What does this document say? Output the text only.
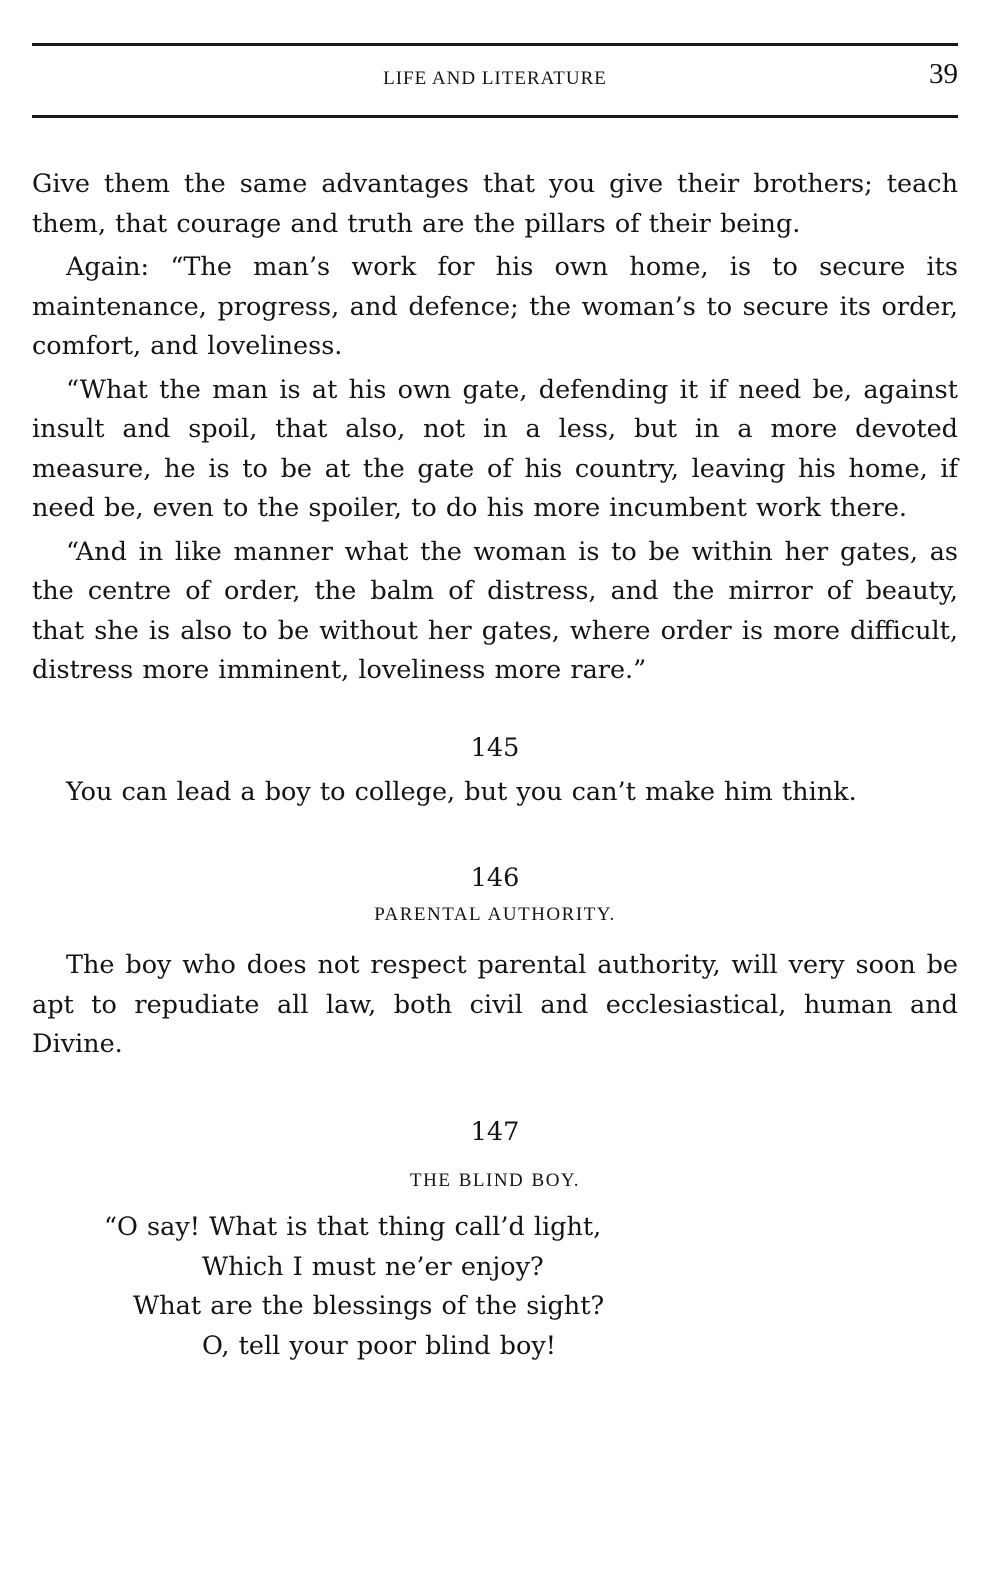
LIFE AND LITERATURE	39

Give them the same advantages that you give their brothers; teach them, that courage and truth are the pillars of their being.

Again: “The man’s work for his own home, is to secure its maintenance, progress, and defence; the woman’s to secure its order, comfort, and loveliness.

“What the man is at his own gate, defending it if need be, against insult and spoil, that also, not in a less, but in a more devoted measure, he is to be at the gate of his country, leaving his home, if need be, even to the spoiler, to do his more incumbent work there.

“And in like manner what the woman is to be within her gates, as the centre of order, the balm of distress, and the mirror of beauty, that she is also to be without her gates, where order is more difficult, distress more imminent, loveliness more rare.”

145

You can lead a boy to college, but you can’t make him think.

146

PARENTAL AUTHORITY.

The boy who does not respect parental authority, will very soon be apt to repudiate all law, both civil and ecclesiastical, human and Divine.

147

THE BLIND BOY.

“O say! What is that thing call’d light,
Which I must ne’er enjoy?
What are the blessings of the sight?
O, tell your poor blind boy!
